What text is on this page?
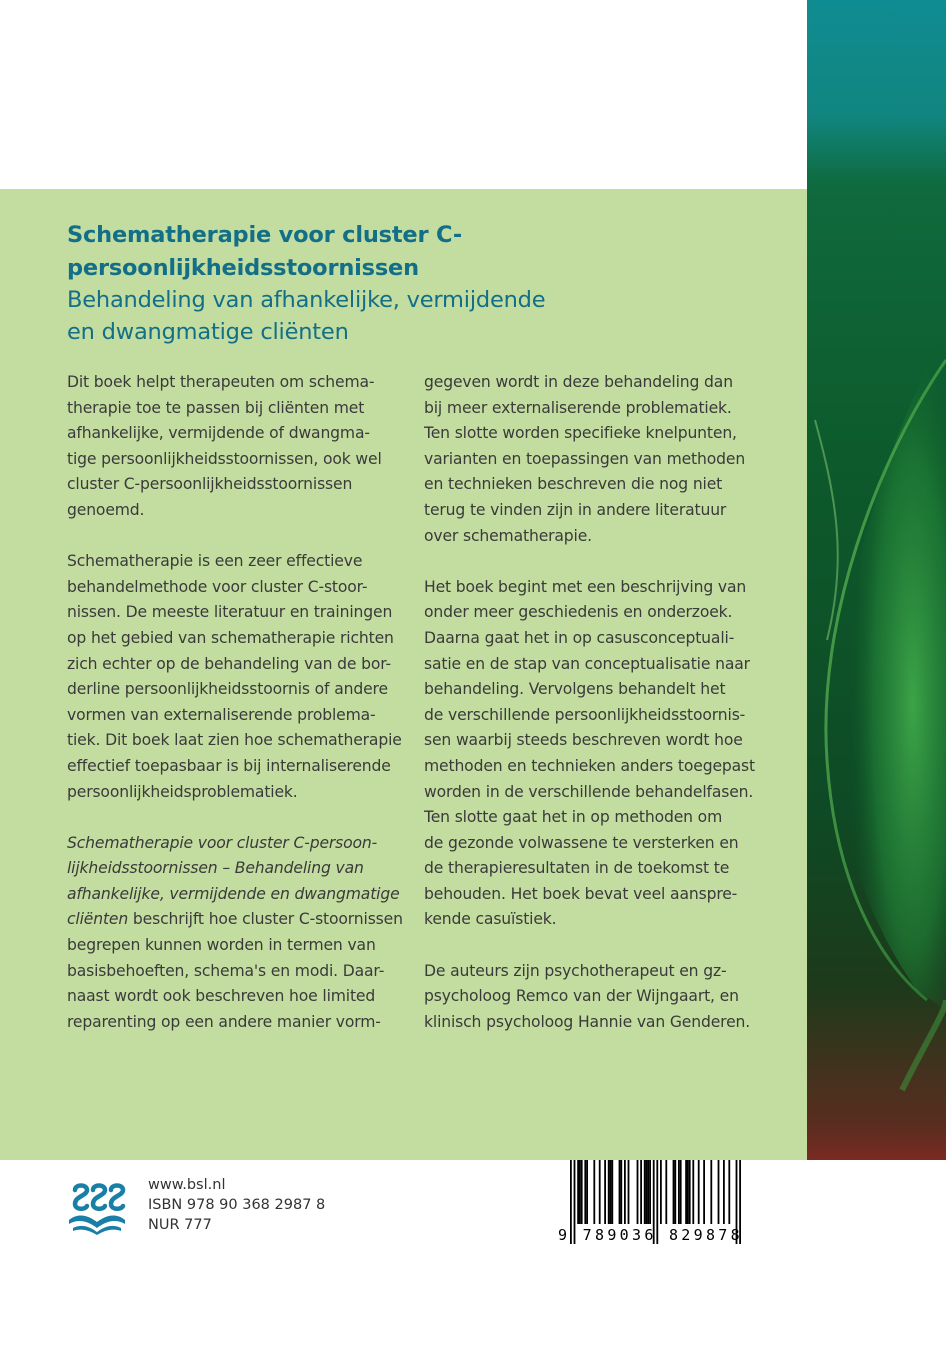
Schematherapie voor cluster C-
persoonlijkheidsstoornissen
Behandeling van afhankelijke, vermijdende
en dwangmatige cliënten

Dit boek helpt therapeuten om schema-
therapie toe te passen bij cliënten met
afhankelijke, vermijdende of dwangma-
tige persoonlijkheidsstoornissen, ook wel
cluster C-persoonlijkheidsstoornissen
genoemd.

Schematherapie is een zeer effectieve
behandelmethode voor cluster C-stoor-
nissen. De meeste literatuur en trainingen
op het gebied van schematherapie richten
zich echter op de behandeling van de bor-
derline persoonlijkheidsstoornis of andere
vormen van externaliserende problema-
tiek. Dit boek laat zien hoe schematherapie
effectief toepasbaar is bij internaliserende
persoonlijkheidsproblematiek.

Schematherapie voor cluster C-persoon-
lijkheidsstoornissen – Behandeling van
afhankelijke, vermijdende en dwangmatige
cliënten beschrijft hoe cluster C-stoornissen
begrepen kunnen worden in termen van
basisbehoeften, schema's en modi. Daar-
naast wordt ook beschreven hoe limited
reparenting op een andere manier vorm-

gegeven wordt in deze behandeling dan
bij meer externaliserende problematiek.
Ten slotte worden specifieke knelpunten,
varianten en toepassingen van methoden
en technieken beschreven die nog niet
terug te vinden zijn in andere literatuur
over schematherapie.

Het boek begint met een beschrijving van
onder meer geschiedenis en onderzoek.
Daarna gaat het in op casusconceptuali-
satie en de stap van conceptualisatie naar
behandeling. Vervolgens behandelt het
de verschillende persoonlijkheidsstoornis-
sen waarbij steeds beschreven wordt hoe
methoden en technieken anders toegepast
worden in de verschillende behandelfasen.
Ten slotte gaat het in op methoden om
de gezonde volwassene te versterken en
de therapieresultaten in de toekomst te
behouden. Het boek bevat veel aanspre-
kende casuïstiek.

De auteurs zijn psychotherapeut en gz-
psycholoog Remco van der Wijngaart, en
klinisch psycholoog Hannie van Genderen.

www.bsl.nl
ISBN 978 90 368 2987 8
NUR 777
9 789036 829878
